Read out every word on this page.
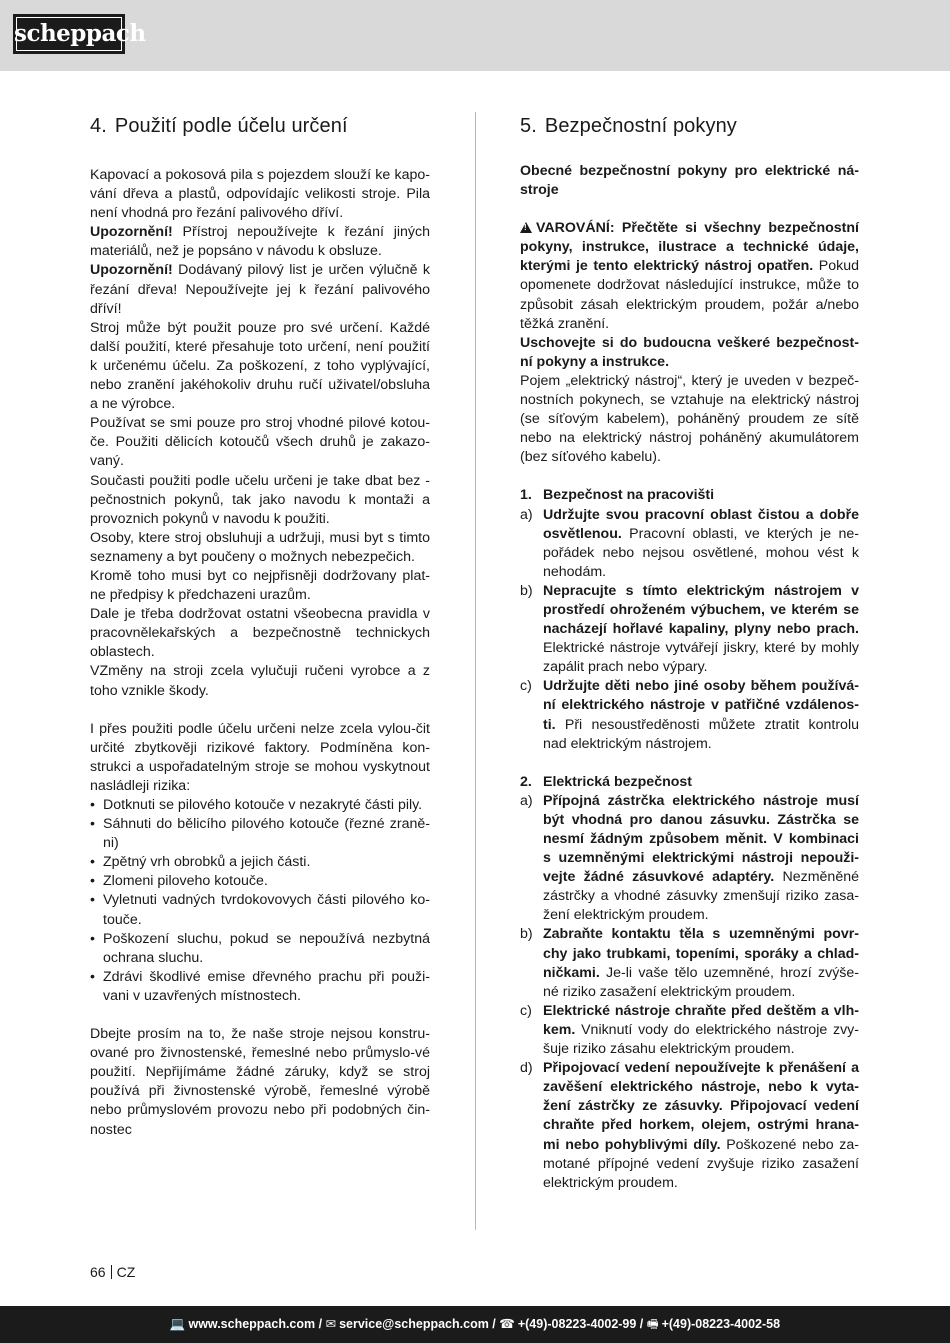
scheppach
4. Použití podle účelu určení

Kapovací a pokosová pila s pojezdem slouží ke kapo-vání dřeva a plastů, odpovídajíc velikosti stroje. Pila není vhodná pro řezání palivového dříví.

Upozornění! Přístroj nepoužívejte k řezání jiných materiálů, než je popsáno v návodu k obsluze.

Upozornění! Dodávaný pilový list je určen výlučně k řezání dřeva! Nepoužívejte jej k řezání palivového dříví!

Stroj může být použit pouze pro své určení. Každé další použití, které přesahuje toto určení, není použití k určenému účelu. Za poškození, z toho vyplývající, nebo zranění jakéhokoliv druhu ručí uživatel/obsluha a ne výrobce.

Používat se smi pouze pro stroj vhodné pilové kotou-če. Použiti dělicích kotoučů všech druhů je zakazo-vaný.

Současti použiti podle učelu určeni je take dbat bez - pečnostnich pokynů, tak jako navodu k montaži a provoznich pokynů v navodu k použiti.

Osoby, ktere stroj obsluhuji a udržuji, musi byt s timto seznameny a byt poučeny o možnych nebezpečich.

Kromě toho musi byt co nejpřisněji dodržovany plat-ne předpisy k předchazeni urazům.

Dale je třeba dodržovat ostatni všeobecna pravidla v pracovnělekařských a bezpečnostně technickych oblastech.

VZměny na stroji zcela vylučuji ručeni vyrobce a z toho vznikle škody.

I přes použiti podle účelu určeni nelze zcela vylou-čit určité zbytkověji rizikové faktory. Podmíněna kon-strukci a uspořadatelným stroje se mohou vyskytnout nasládleji rizika:

• Dotknuti se pilového kotouče v nezakryté části pily.
• Sáhnuti do bělicího pilového kotouče (řezné zraně-ni)
• Zpětný vrh obrobků a jejich části.
• Zlomeni piloveho kotouče.
• Vyletnuti vadných tvrdokovovych části pilového ko-touče.
• Poškození sluchu, pokud se nepoužívá nezbytná ochrana sluchu.
• Zdrávi škodlivé emise dřevného prachu při použi-vani v uzavřených místnostech.

Dbejte prosím na to, že naše stroje nejsou konstru-ované pro živnostenské, řemeslné nebo průmyslo-vé použití. Nepřijímáme žádné záruky, když se stroj používá při živnostenské výrobě, řemeslné výrobě nebo průmyslovém provozu nebo při podobných čin-nostec

5. Bezpečnostní pokyny

Obecné bezpečnostní pokyny pro elektrické ná-stroje

!VAROVÁNÍ: Přečtěte si všechny bezpečnostní pokyny, instrukce, ilustrace a technické údaje, kterými je tento elektrický nástroj opatřen. Pokud opomenete dodržovat následující instrukce, může to způsobit zásah elektrickým proudem, požár a/nebo těžká zranění.

Uschovejte si do budoucna veškeré bezpečnost-ní pokyny a instrukce.

Pojem „elektrický nástroj“, který je uveden v bezpeč-nostních pokynech, se vztahuje na elektrický nástroj (se síťovým kabelem), poháněný proudem ze sítě nebo na elektrický nástroj poháněný akumulátorem (bez síťového kabelu).

1. Bezpečnost na pracovišti

a) Udržujte svou pracovní oblast čistou a dobře osvětlenou. Pracovní oblasti, ve kterých je ne-pořádek nebo nejsou osvětlené, mohou vést k nehodám.
b) Nepracujte s tímto elektrickým nástrojem v prostředí ohroženém výbuchem, ve kterém se nacházejí hořlavé kapaliny, plyny nebo prach. Elektrické nástroje vytvářejí jiskry, které by mohly zapálit prach nebo výpary.
c) Udržujte děti nebo jiné osoby během používá-ní elektrického nástroje v patřičné vzdálenos-ti. Při nesoustředěnosti můžete ztratit kontrolu nad elektrickým nástrojem.

2. Elektrická bezpečnost

a) Přípojná zástrčka elektrického nástroje musí být vhodná pro danou zásuvku. Zástrčka se nesmí žádným způsobem měnit. V kombinaci s uzemněnými elektrickými nástroji nepouži-vejte žádné zásuvkové adaptéry. Nezměněné zástrčky a vhodné zásuvky zmenšují riziko zasa-žení elektrickým proudem.
b) Zabraňte kontaktu těla s uzemněnými povr-chy jako trubkami, topeními, sporáky a chlad-ničkami. Je-li vaše tělo uzemněné, hrozí zvýše-né riziko zasažení elektrickým proudem.
c) Elektrické nástroje chraňte před deštěm a vlh-kem. Vniknutí vody do elektrického nástroje zvy-šuje riziko zásahu elektrickým proudem.
d) Připojovací vedení nepoužívejte k přenášení a zavěšení elektrického nástroje, nebo k vyta-žení zástrčky ze zásuvky. Připojovací vedení chraňte před horkem, olejem, ostrými hrana-mi nebo pohyblivými díly. Poškozené nebo za-motané přípojné vedení zvyšuje riziko zasažení elektrickým proudem.
66 CZ
💻 www.scheppach.com / ✉ service@scheppach.com / ☎ +(49)-08223-4002-99 / 🖷 +(49)-08223-4002-58
